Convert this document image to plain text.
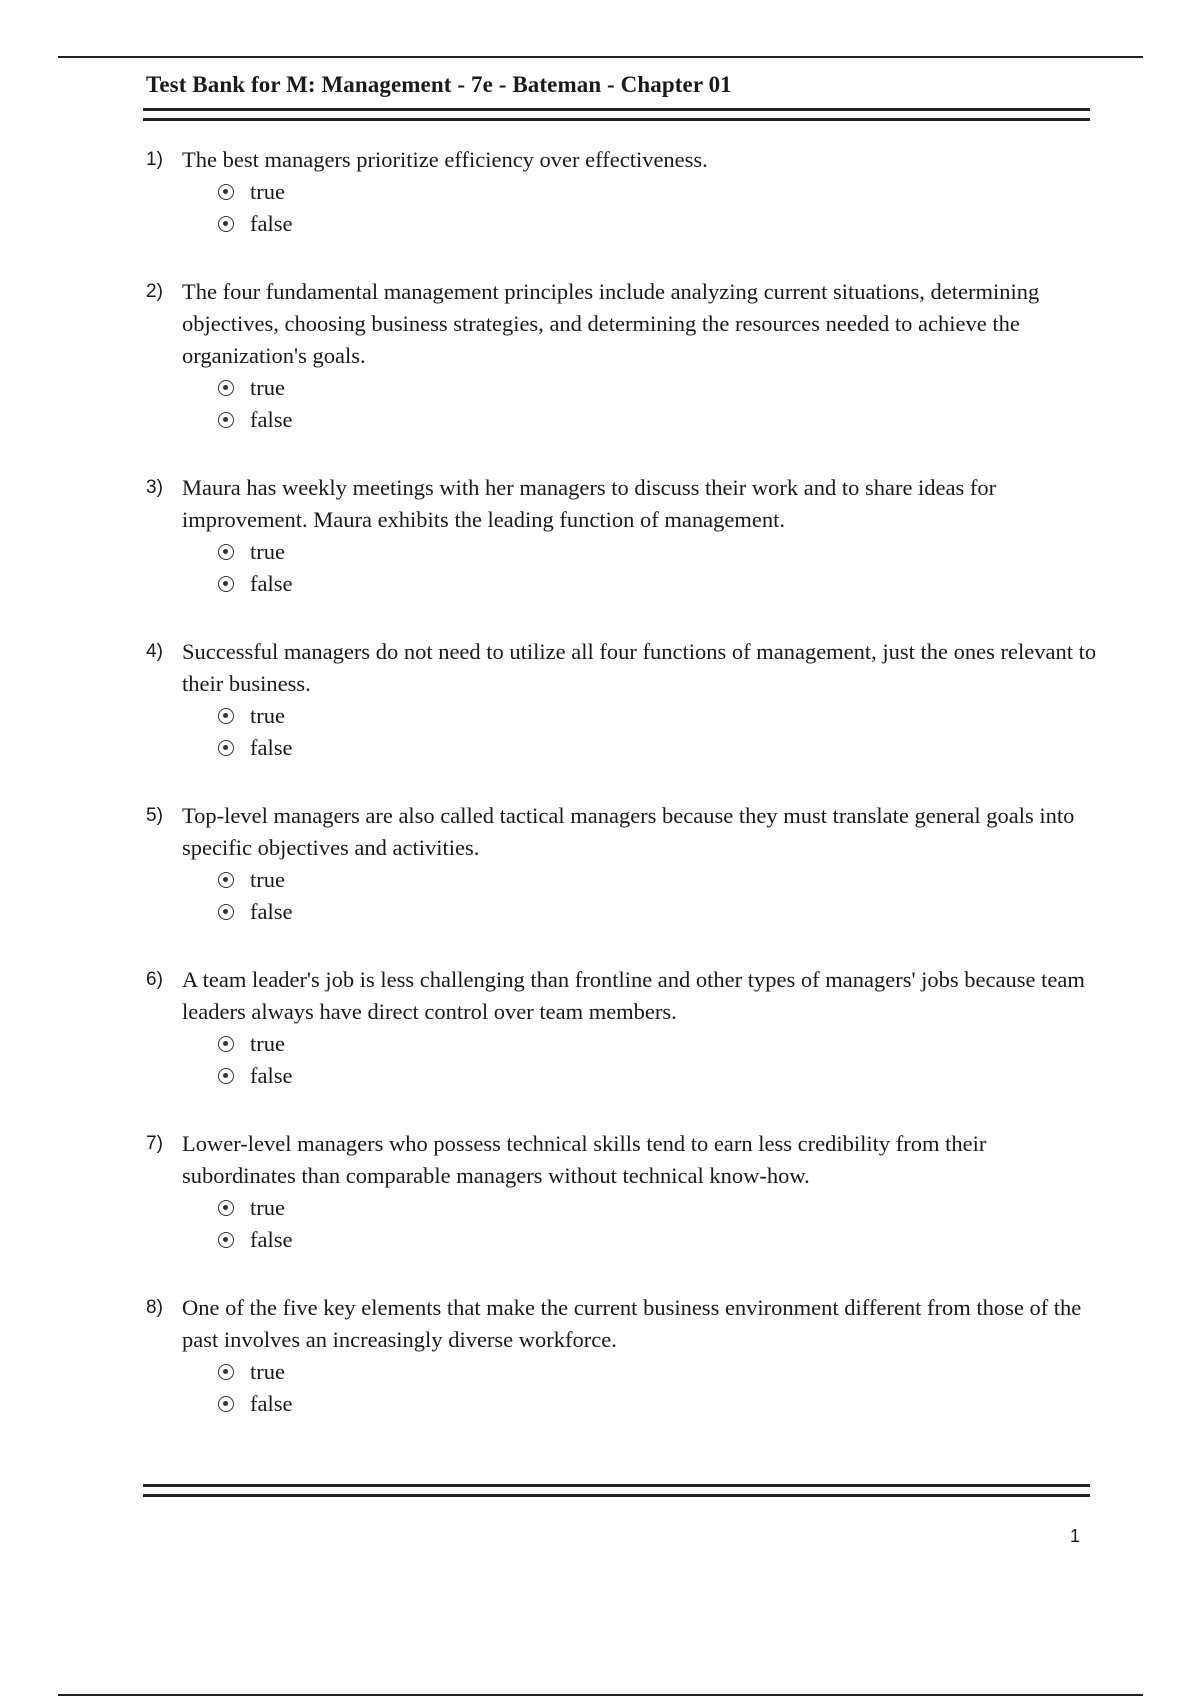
Test Bank for M: Management - 7e - Bateman - Chapter 01
1) The best managers prioritize efficiency over effectiveness.
true
false
2) The four fundamental management principles include analyzing current situations, determining objectives, choosing business strategies, and determining the resources needed to achieve the organization's goals.
true
false
3) Maura has weekly meetings with her managers to discuss their work and to share ideas for improvement. Maura exhibits the leading function of management.
true
false
4) Successful managers do not need to utilize all four functions of management, just the ones relevant to their business.
true
false
5) Top-level managers are also called tactical managers because they must translate general goals into specific objectives and activities.
true
false
6) A team leader's job is less challenging than frontline and other types of managers' jobs because team leaders always have direct control over team members.
true
false
7) Lower-level managers who possess technical skills tend to earn less credibility from their subordinates than comparable managers without technical know-how.
true
false
8) One of the five key elements that make the current business environment different from those of the past involves an increasingly diverse workforce.
true
false
1
